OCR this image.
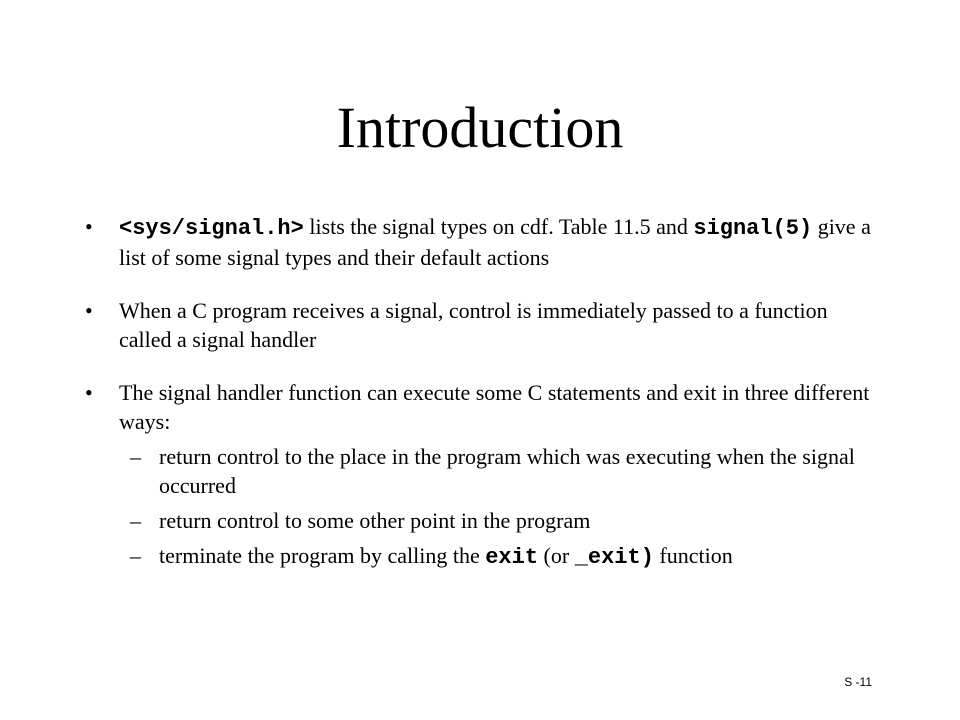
Introduction
• <sys/signal.h> lists the signal types on cdf. Table 11.5 and signal(5) give a list of some signal types and their default actions
• When a C program receives a signal, control is immediately passed to a function called a signal handler
• The signal handler function can execute some C statements and exit in three different ways:
– return control to the place in the program which was executing when the signal occurred
– return control to some other point in the program
– terminate the program by calling the exit (or _exit) function
S -11
